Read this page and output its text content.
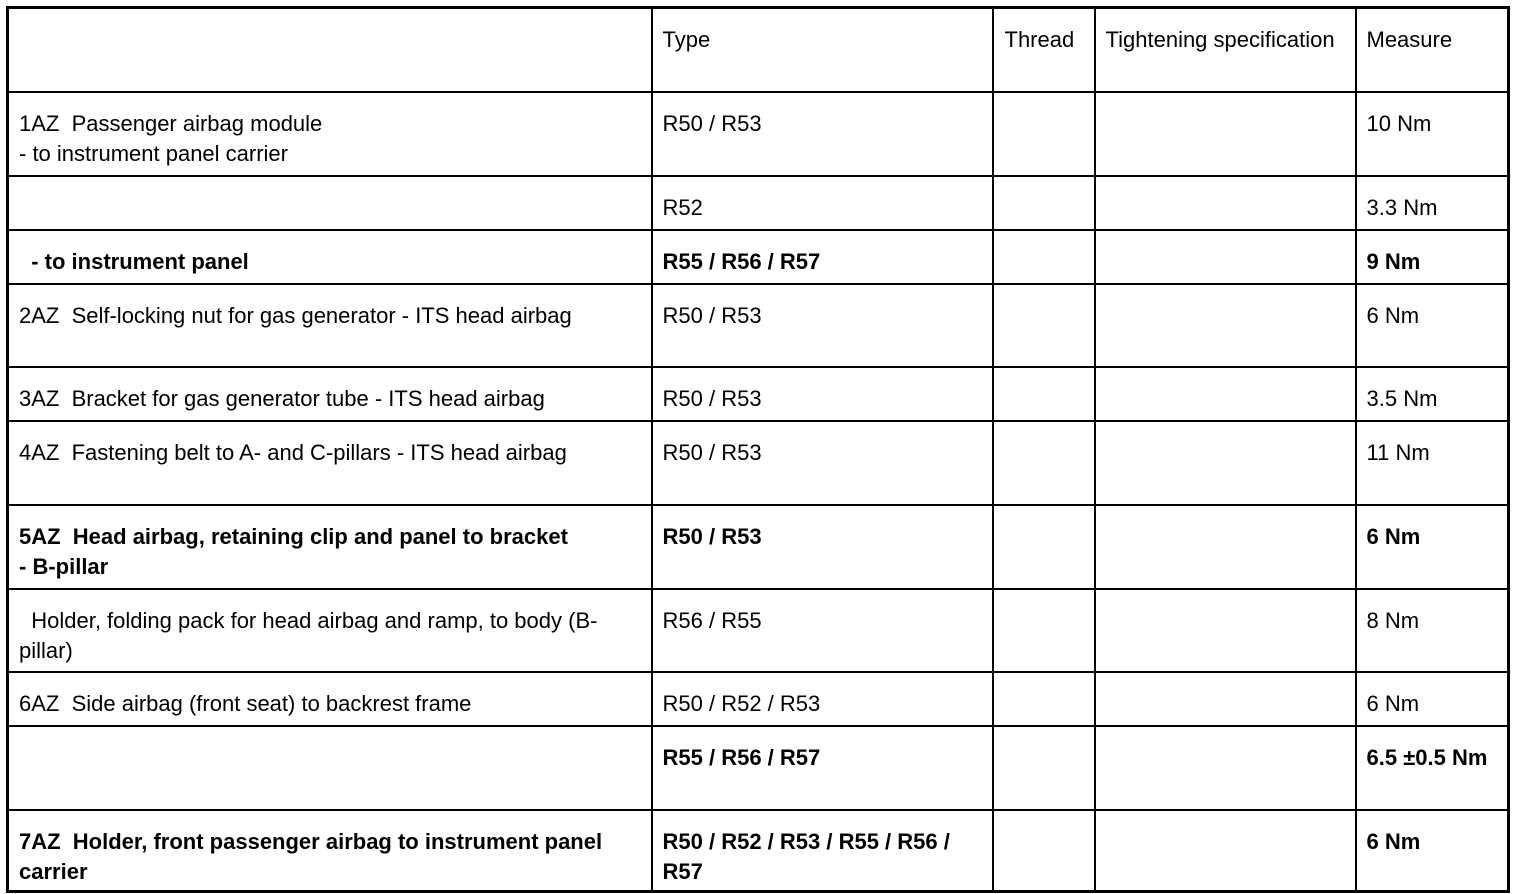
	Type	Thread	Tightening specification	Measure
1AZ  Passenger airbag module
- to instrument panel carrier	R50 / R53			10 Nm
	R52			3.3 Nm
- to instrument panel	R55 / R56 / R57			9 Nm
2AZ  Self-locking nut for gas generator - ITS head airbag	R50 / R53			6 Nm
3AZ  Bracket for gas generator tube - ITS head airbag	R50 / R53			3.5 Nm
4AZ  Fastening belt to A- and C-pillars - ITS head airbag	R50 / R53			11 Nm
5AZ  Head airbag, retaining clip and panel to bracket
- B-pillar	R50 / R53			6 Nm
Holder, folding pack for head airbag and ramp, to body (B-pillar)	R56 / R55			8 Nm
6AZ  Side airbag (front seat) to backrest frame	R50 / R52 / R53			6 Nm
	R55 / R56 / R57			6.5 ±0.5 Nm
7AZ  Holder, front passenger airbag to instrument panel carrier	R50 / R52 / R53 / R55 / R56 / R57			6 Nm
